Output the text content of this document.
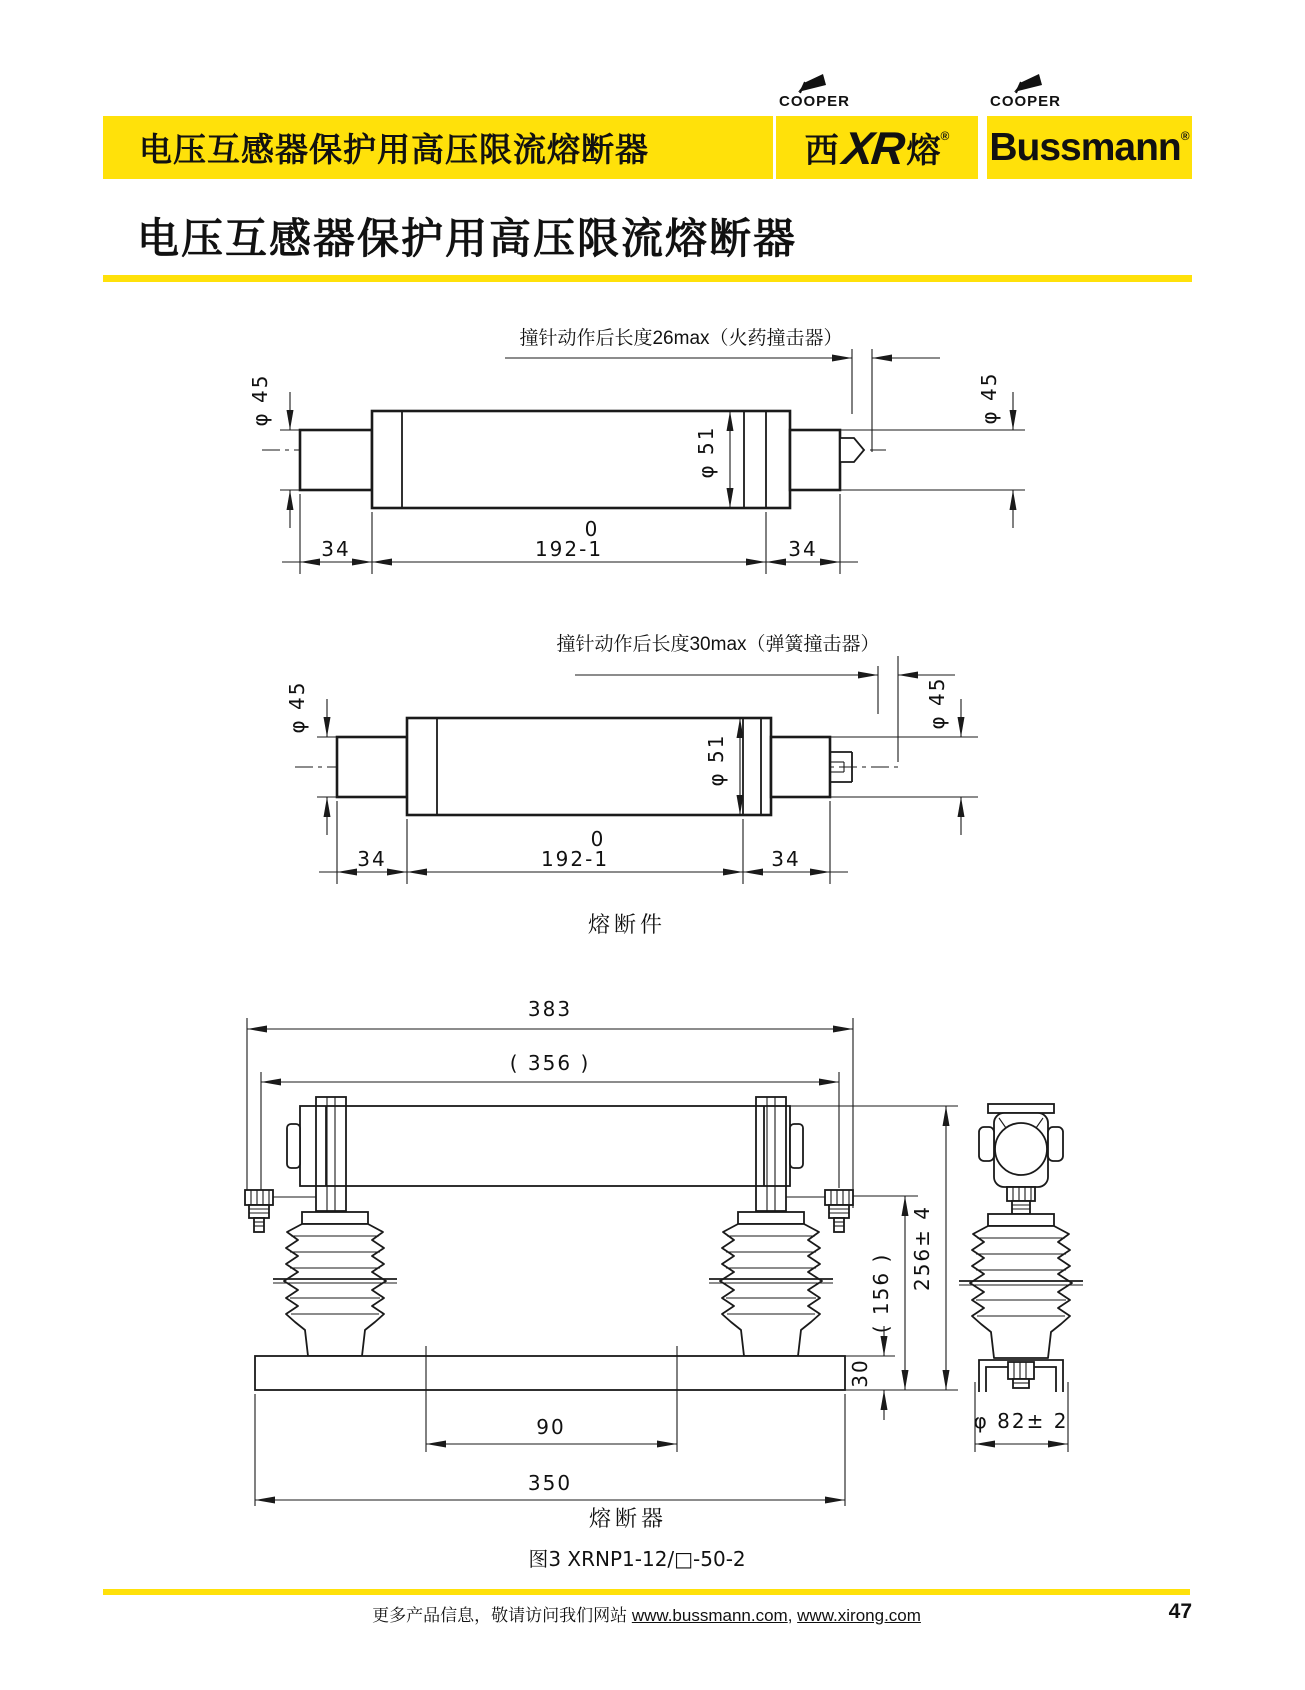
电压互感器保护用高压限流熔断器
COOPER	COOPER
西 XR 熔 ® Bussmann ®
电压互感器保护用高压限流熔断器
撞针动作后长度26max（火药撞击器）
φ 45	φ 45
φ 51
34
0
192-1	34
撞针动作后长度30max（弹簧撞击器）
φ 45	φ 45
φ 51
34
0
192-1	34
熔断件
383
( 356 )
90
350
( 156 )
256± 4
30
φ 82± 2
熔断器
图3 XRNP1-12/□-50-2
更多产品信息，敬请访问我们网站 www.bussmann.com, www.xirong.com	47
